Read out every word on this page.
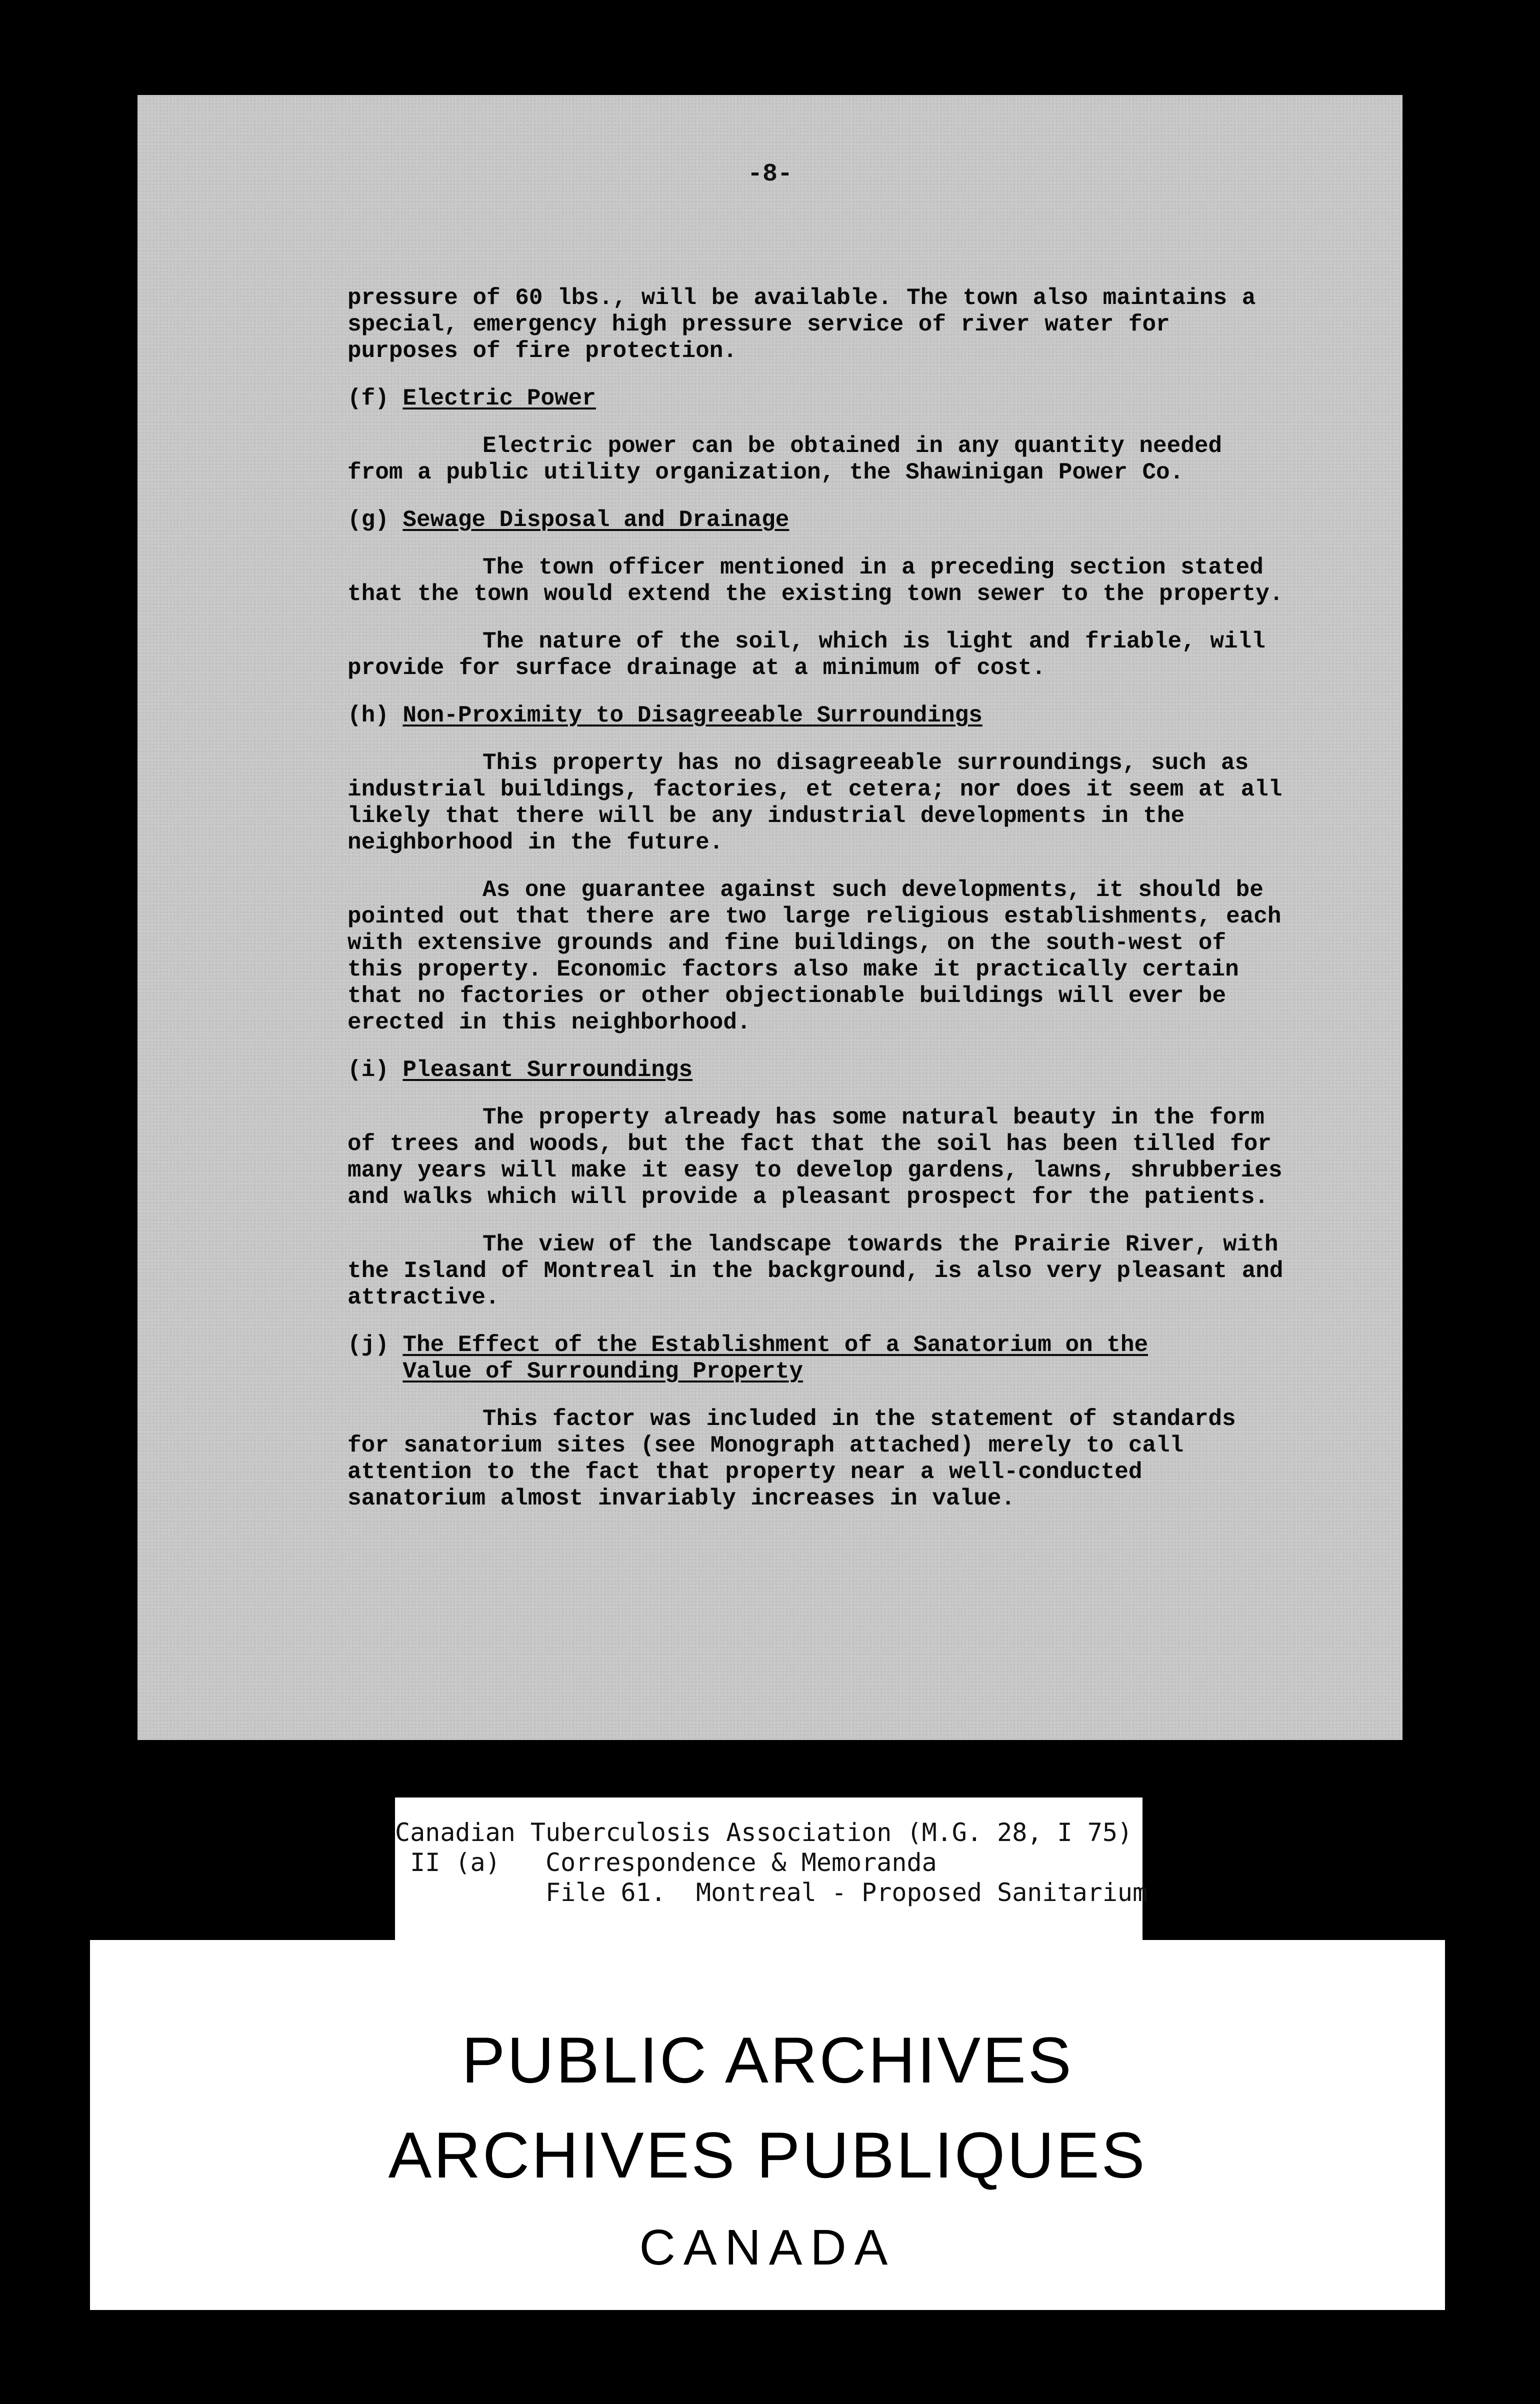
-8-

pressure of 60 lbs., will be available. The town also maintains a special, emergency high pressure service of river water for purposes of fire protection.

(f) Electric Power

Electric power can be obtained in any quantity needed from a public utility organization, the Shawinigan Power Co.

(g) Sewage Disposal and Drainage

The town officer mentioned in a preceding section stated that the town would extend the existing town sewer to the property.

The nature of the soil, which is light and friable, will provide for surface drainage at a minimum of cost.

(h) Non-Proximity to Disagreeable Surroundings

This property has no disagreeable surroundings, such as industrial buildings, factories, et cetera; nor does it seem at all likely that there will be any industrial developments in the neighborhood in the future.

As one guarantee against such developments, it should be pointed out that there are two large religious establishments, each with extensive grounds and fine buildings, on the south-west of this property. Economic factors also make it practically certain that no factories or other objectionable buildings will ever be erected in this neighborhood.

(i) Pleasant Surroundings

The property already has some natural beauty in the form of trees and woods, but the fact that the soil has been tilled for many years will make it easy to develop gardens, lawns, shrubberies and walks which will provide a pleasant prospect for the patients.

The view of the landscape towards the Prairie River, with the Island of Montreal in the background, is also very pleasant and attractive.

(j) The Effect of the Establishment of a Sanatorium on the Value of Surrounding Property

This factor was included in the statement of standards for sanatorium sites (see Monograph attached) merely to call attention to the fact that property near a well-conducted sanatorium almost invariably increases in value.

Canadian Tuberculosis Association (M.G. 28, I 75)
II (a)   Correspondence & Memoranda
File 61.  Montreal - Proposed Sanitarium
PUBLIC ARCHIVES
ARCHIVES PUBLIQUES
CANADA
